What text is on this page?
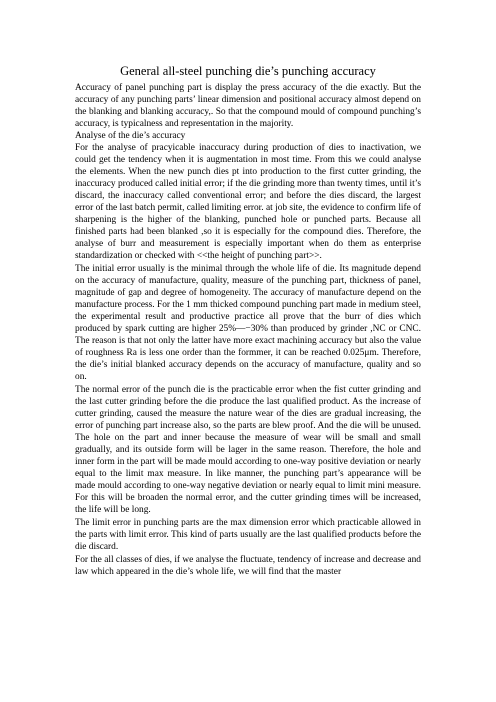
General all-steel punching die’s punching accuracy

Accuracy of panel punching part is display the press accuracy of the die exactly. But the accuracy of any punching parts’ linear dimension and positional accuracy almost depend on the blanking and blanking accuracy,. So that the compound mould of compound punching’s accuracy, is typicalness and representation in the majority.

Analyse of the die’s accuracy

For the analyse of pracyicable inaccuracy during production of dies to inactivation, we could get the tendency when it is augmentation in most time. From this we could analyse the elements. When the new punch dies pt into production to the first cutter grinding, the inaccuracy produced called initial error; if the die grinding more than twenty times, until it’s discard, the inaccuracy called conventional error; and before the dies discard, the largest error of the last batch permit, called limiting error. at job site, the evidence to confirm life of sharpening is the higher of the blanking, punched hole or punched parts. Because all finished parts had been blanked ,so it is especially for the compound dies. Therefore, the analyse of burr and measurement is especially important when do them as enterprise standardization or checked with <<the height of punching part>>.

The initial error usually is the minimal through the whole life of die. Its magnitude depend on the accuracy of manufacture, quality, measure of the punching part, thickness of panel, magnitude of gap and degree of homogeneity. The accuracy of manufacture depend on the manufacture process. For the 1 mm thicked compound punching part made in medium steel, the experimental result and productive practice all prove that the burr of dies which produced by spark cutting are higher 25%—−30% than produced by grinder ,NC or CNC. The reason is that not only the latter have more exact machining accuracy but also the value of roughness Ra is less one order than the formmer, it can be reached 0.025μm. Therefore, the die’s initial blanked accuracy depends on the accuracy of manufacture, quality and so on.

The normal error of the punch die is the practicable error when the fist cutter grinding and the last cutter grinding before the die produce the last qualified product. As the increase of cutter grinding, caused the measure the nature wear of the dies are gradual increasing, the error of punching part increase also, so the parts are blew proof. And the die will be unused. The hole on the part and inner because the measure of wear will be small and small gradually, and its outside form will be lager in the same reason. Therefore, the hole and inner form in the part will be made mould according to one-way positive deviation or nearly equal to the limit max measure. In like manner, the punching part’s appearance will be made mould according to one-way negative deviation or nearly equal to limit mini measure. For this will be broaden the normal error, and the cutter grinding times will be increased, the life will be long.

The limit error in punching parts are the max dimension error which practicable allowed in the parts with limit error. This kind of parts usually are the last qualified products before the die discard.

For the all classes of dies, if we analyse the fluctuate, tendency of increase and decrease and law which appeared in the die’s whole life, we will find that the master
